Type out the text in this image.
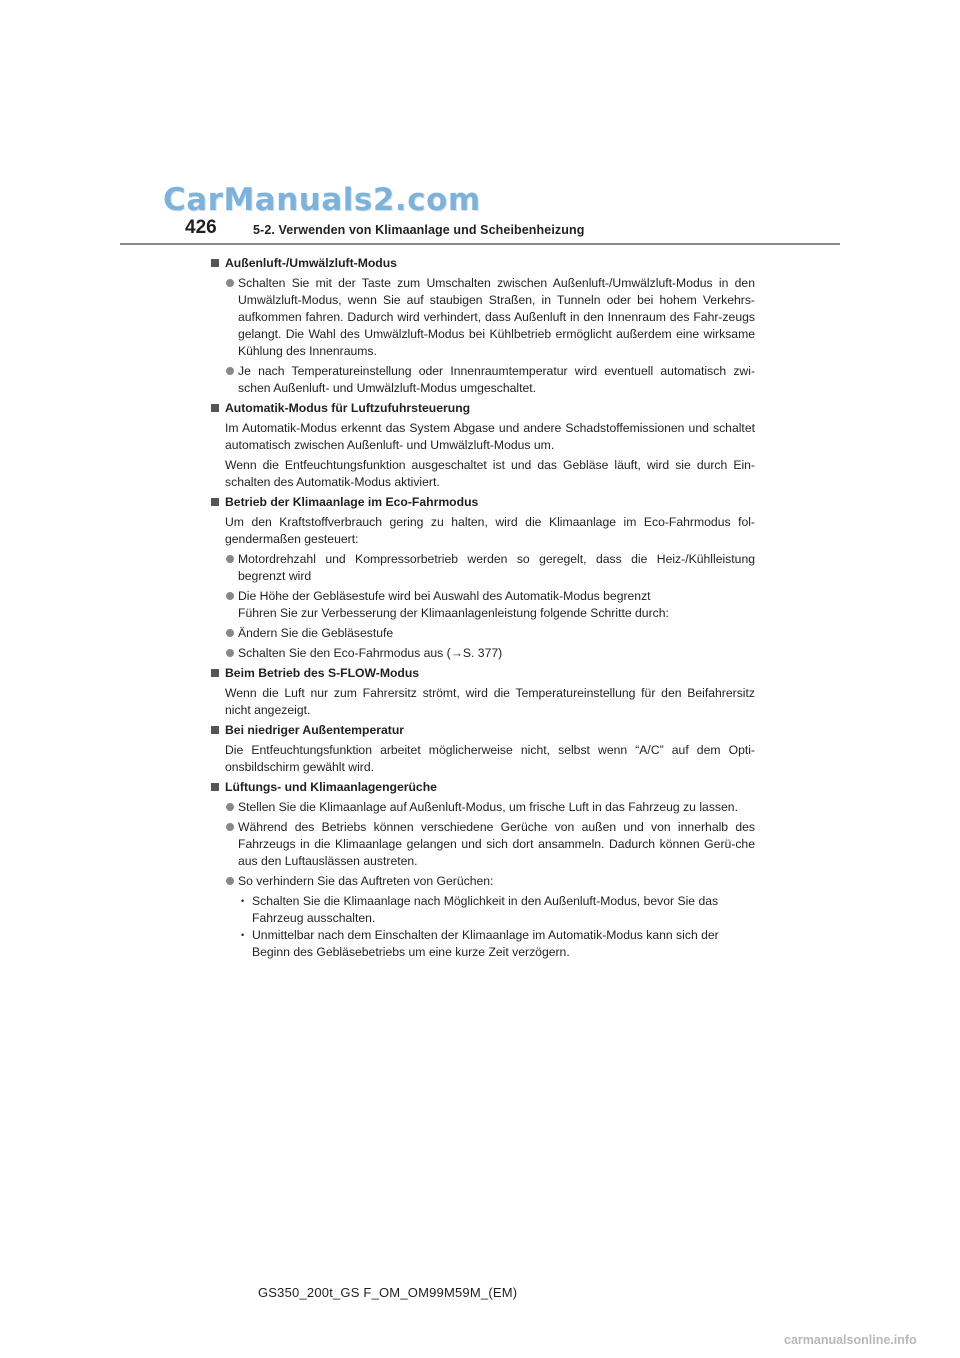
CarManuals2.com
426	5-2. Verwenden von Klimaanlage und Scheibenheizung
Außenluft-/Umwälzluft-Modus
Schalten Sie mit der Taste zum Umschalten zwischen Außenluft-/Umwälzluft-Modus in den Umwälzluft-Modus, wenn Sie auf staubigen Straßen, in Tunneln oder bei hohem Verkehrs-aufkommen fahren. Dadurch wird verhindert, dass Außenluft in den Innenraum des Fahr-zeugs gelangt. Die Wahl des Umwälzluft-Modus bei Kühlbetrieb ermöglicht außerdem eine wirksame Kühlung des Innenraums.
Je nach Temperatureinstellung oder Innenraumtemperatur wird eventuell automatisch zwi-schen Außenluft- und Umwälzluft-Modus umgeschaltet.
Automatik-Modus für Luftzufuhrsteuerung
Im Automatik-Modus erkennt das System Abgase und andere Schadstoffemissionen und schaltet automatisch zwischen Außenluft- und Umwälzluft-Modus um.
Wenn die Entfeuchtungsfunktion ausgeschaltet ist und das Gebläse läuft, wird sie durch Ein-schalten des Automatik-Modus aktiviert.
Betrieb der Klimaanlage im Eco-Fahrmodus
Um den Kraftstoffverbrauch gering zu halten, wird die Klimaanlage im Eco-Fahrmodus fol-gendermaßen gesteuert:
Motordrehzahl und Kompressorbetrieb werden so geregelt, dass die Heiz-/Kühlleistung begrenzt wird
Die Höhe der Gebläsestufe wird bei Auswahl des Automatik-Modus begrenzt
Führen Sie zur Verbesserung der Klimaanlagenleistung folgende Schritte durch:
Ändern Sie die Gebläsestufe
Schalten Sie den Eco-Fahrmodus aus (→S. 377)
Beim Betrieb des S-FLOW-Modus
Wenn die Luft nur zum Fahrersitz strömt, wird die Temperatureinstellung für den Beifahrersitz nicht angezeigt.
Bei niedriger Außentemperatur
Die Entfeuchtungsfunktion arbeitet möglicherweise nicht, selbst wenn “A/C” auf dem Opti-onsbildschirm gewählt wird.
Lüftungs- und Klimaanlagengerüche
Stellen Sie die Klimaanlage auf Außenluft-Modus, um frische Luft in das Fahrzeug zu lassen.
Während des Betriebs können verschiedene Gerüche von außen und von innerhalb des Fahrzeugs in die Klimaanlage gelangen und sich dort ansammeln. Dadurch können Gerü-che aus den Luftauslässen austreten.
So verhindern Sie das Auftreten von Gerüchen:
• Schalten Sie die Klimaanlage nach Möglichkeit in den Außenluft-Modus, bevor Sie das Fahrzeug ausschalten.
• Unmittelbar nach dem Einschalten der Klimaanlage im Automatik-Modus kann sich der Beginn des Gebläsebetriebs um eine kurze Zeit verzögern.
GS350_200t_GS F_OM_OM99M59M_(EM)
carmanualsonline.info
